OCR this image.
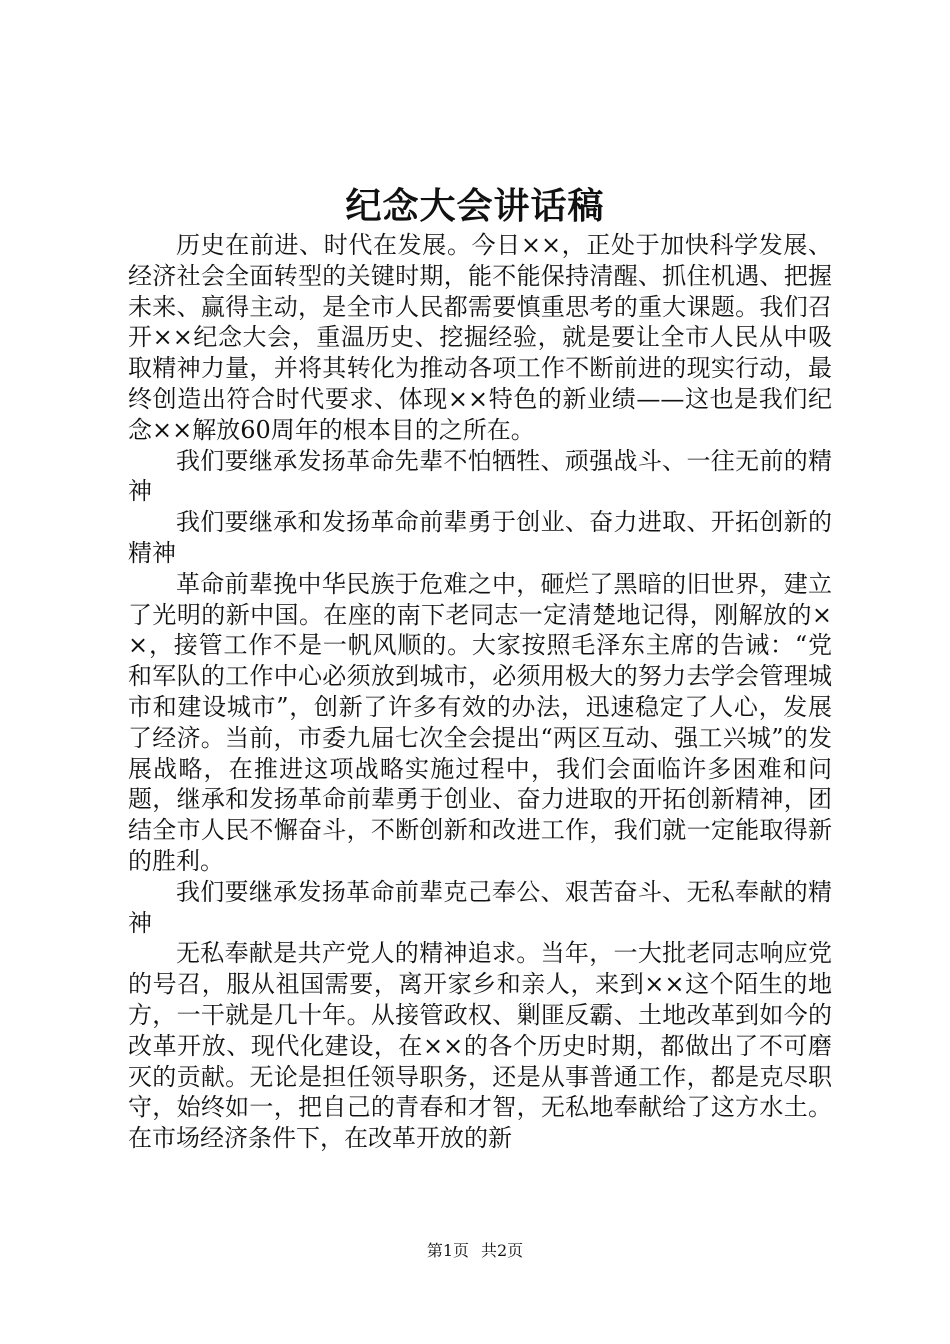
纪念大会讲话稿

历史在前进、时代在发展。今日××，正处于加快科学发展、经济社会全面转型的关键时期，能不能保持清醒、抓住机遇、把握未来、赢得主动，是全市人民都需要慎重思考的重大课题。我们召开××纪念大会，重温历史、挖掘经验，就是要让全市人民从中吸取精神力量，并将其转化为推动各项工作不断前进的现实行动，最终创造出符合时代要求、体现××特色的新业绩——这也是我们纪念××解放60周年的根本目的之所在。

我们要继承发扬革命先辈不怕牺牲、顽强战斗、一往无前的精神

我们要继承和发扬革命前辈勇于创业、奋力进取、开拓创新的精神

革命前辈挽中华民族于危难之中，砸烂了黑暗的旧世界，建立了光明的新中国。在座的南下老同志一定清楚地记得，刚解放的××，接管工作不是一帆风顺的。大家按照毛泽东主席的告诫：“党和军队的工作中心必须放到城市，必须用极大的努力去学会管理城市和建设城市”，创新了许多有效的办法，迅速稳定了人心，发展了经济。当前，市委九届七次全会提出“两区互动、强工兴城”的发展战略，在推进这项战略实施过程中，我们会面临许多困难和问题，继承和发扬革命前辈勇于创业、奋力进取的开拓创新精神，团结全市人民不懈奋斗，不断创新和改进工作，我们就一定能取得新的胜利。

我们要继承发扬革命前辈克己奉公、艰苦奋斗、无私奉献的精神

无私奉献是共产党人的精神追求。当年，一大批老同志响应党的号召，服从祖国需要，离开家乡和亲人，来到××这个陌生的地方，一干就是几十年。从接管政权、剿匪反霸、土地改革到如今的改革开放、现代化建设，在××的各个历史时期，都做出了不可磨灭的贡献。无论是担任领导职务，还是从事普通工作，都是克尽职守，始终如一，把自己的青春和才智，无私地奉献给了这方水土。在市场经济条件下，在改革开放的新

第1页 共2页
